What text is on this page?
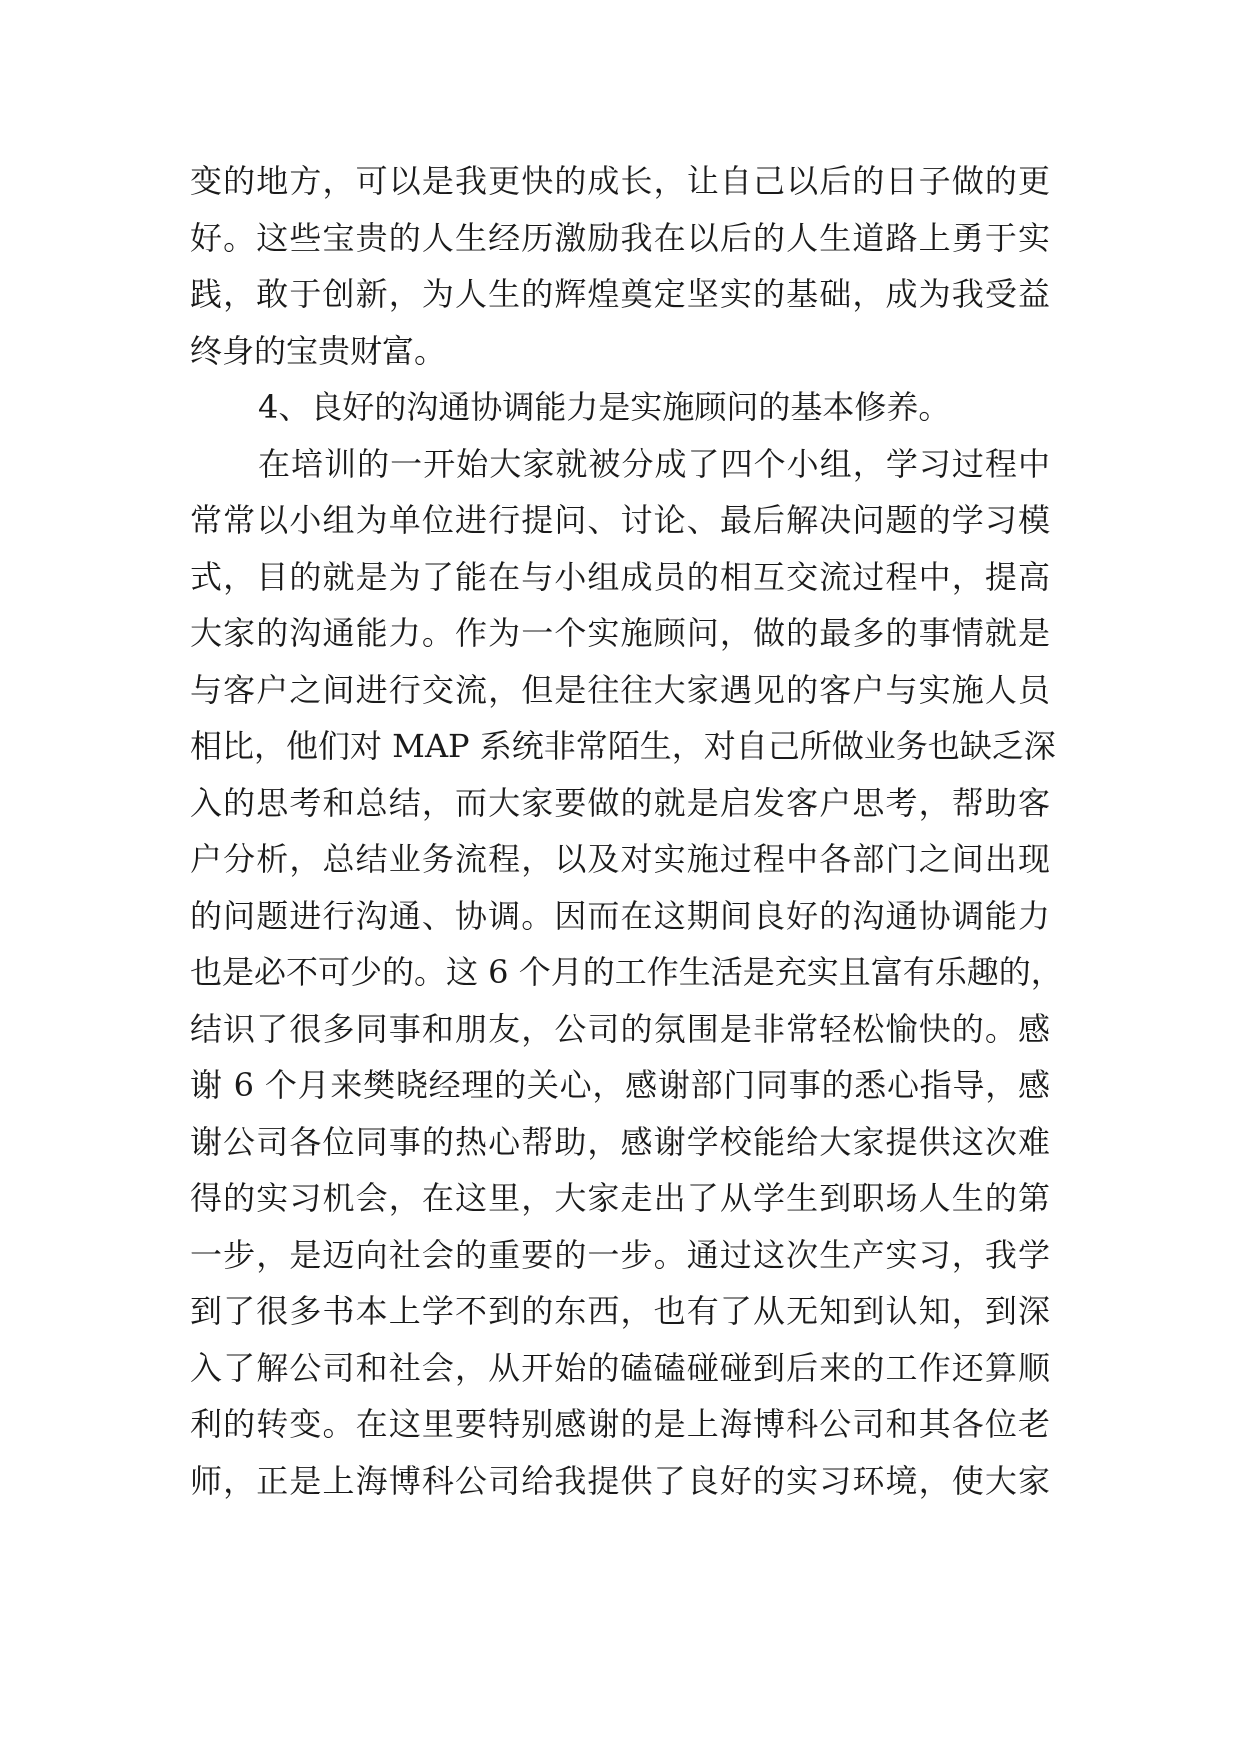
变的地方，可以是我更快的成长，让自己以后的日子做的更
好。这些宝贵的人生经历激励我在以后的人生道路上勇于实
践，敢于创新，为人生的辉煌奠定坚实的基础，成为我受益
终身的宝贵财富。
4、良好的沟通协调能力是实施顾问的基本修养。
在培训的一开始大家就被分成了四个小组，学习过程中
常常以小组为单位进行提问、讨论、最后解决问题的学习模
式，目的就是为了能在与小组成员的相互交流过程中，提高
大家的沟通能力。作为一个实施顾问，做的最多的事情就是
与客户之间进行交流，但是往往大家遇见的客户与实施人员
相比，他们对 MAP 系统非常陌生，对自己所做业务也缺乏深
入的思考和总结，而大家要做的就是启发客户思考，帮助客
户分析，总结业务流程，以及对实施过程中各部门之间出现
的问题进行沟通、协调。因而在这期间良好的沟通协调能力
也是必不可少的。这 6 个月的工作生活是充实且富有乐趣的，
结识了很多同事和朋友，公司的氛围是非常轻松愉快的。感
谢 6 个月来樊晓经理的关心，感谢部门同事的悉心指导，感
谢公司各位同事的热心帮助，感谢学校能给大家提供这次难
得的实习机会，在这里，大家走出了从学生到职场人生的第
一步，是迈向社会的重要的一步。通过这次生产实习，我学
到了很多书本上学不到的东西，也有了从无知到认知，到深
入了解公司和社会，从开始的磕磕碰碰到后来的工作还算顺
利的转变。在这里要特别感谢的是上海博科公司和其各位老
师，正是上海博科公司给我提供了良好的实习环境，使大家
